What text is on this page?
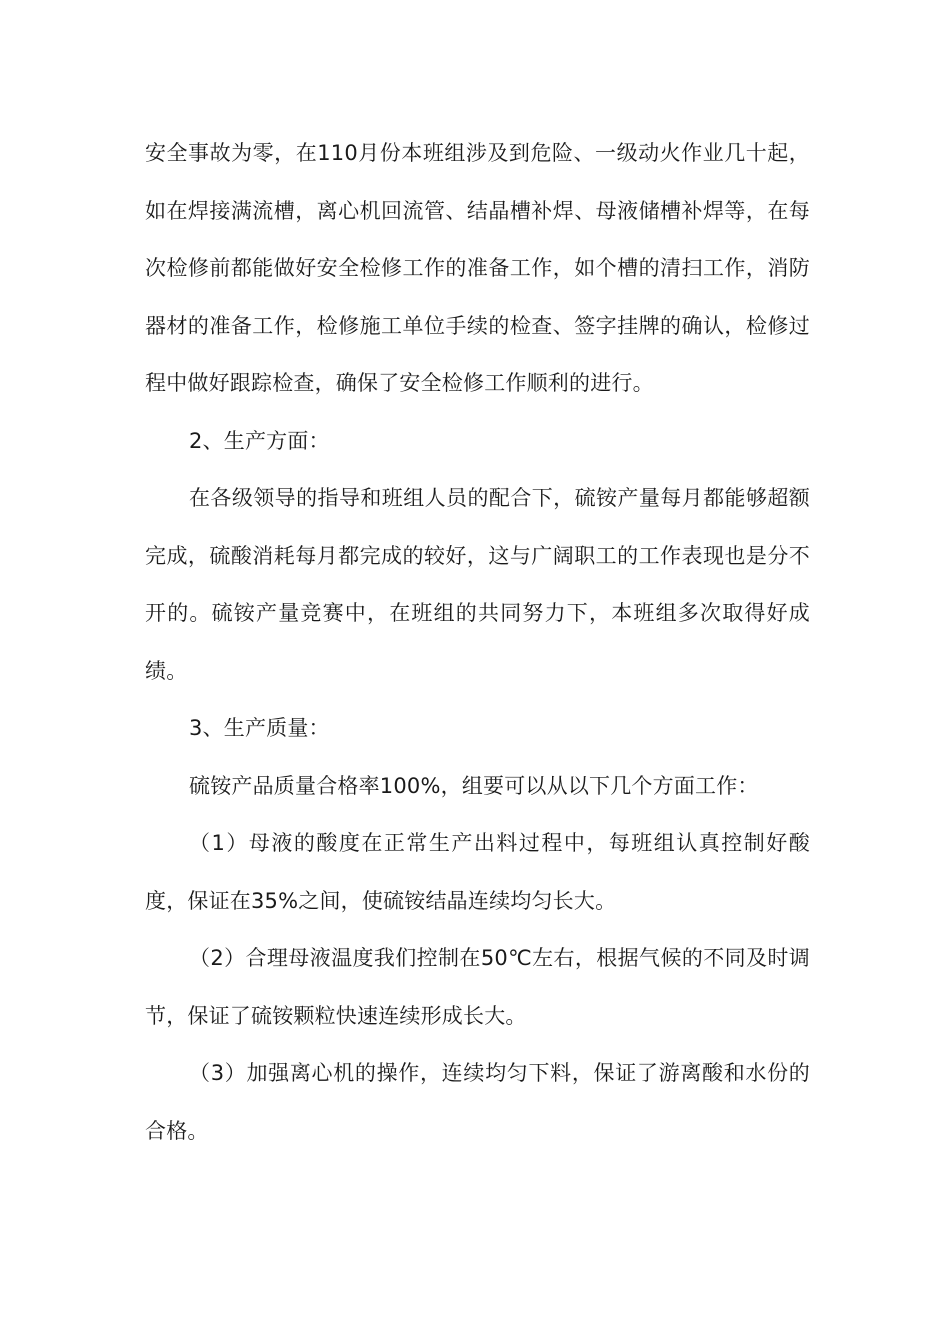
安全事故为零，在110月份本班组涉及到危险、一级动火作业几十起，如在焊接满流槽，离心机回流管、结晶槽补焊、母液储槽补焊等，在每次检修前都能做好安全检修工作的准备工作，如个槽的清扫工作，消防器材的准备工作，检修施工单位手续的检查、签字挂牌的确认，检修过程中做好跟踪检查，确保了安全检修工作顺利的进行。

2、生产方面：

在各级领导的指导和班组人员的配合下，硫铵产量每月都能够超额完成，硫酸消耗每月都完成的较好，这与广阔职工的工作表现也是分不开的。硫铵产量竞赛中，在班组的共同努力下，本班组多次取得好成绩。

3、生产质量：

硫铵产品质量合格率100%，组要可以从以下几个方面工作：

（1）母液的酸度在正常生产出料过程中，每班组认真控制好酸度，保证在35%之间，使硫铵结晶连续均匀长大。

（2）合理母液温度我们控制在50℃左右，根据气候的不同及时调节，保证了硫铵颗粒快速连续形成长大。

（3）加强离心机的操作，连续均匀下料，保证了游离酸和水份的合格。
